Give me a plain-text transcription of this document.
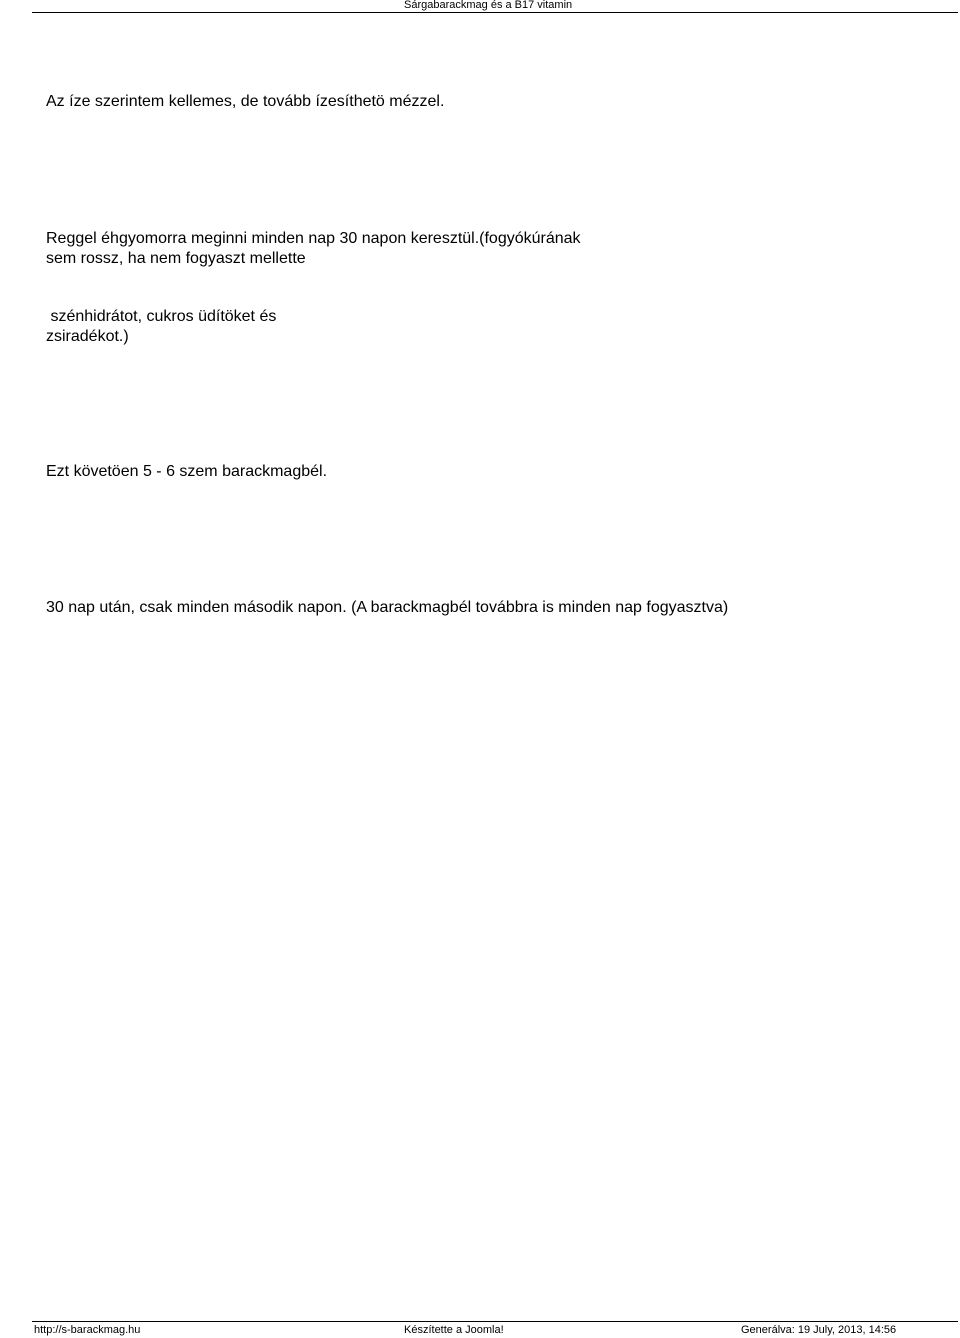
Sárgabarackmag és a B17 vitamin

Az íze szerintem kellemes, de tovább ízesíthetö mézzel.

Reggel éhgyomorra meginni minden nap 30 napon keresztül.(fogyókúrának
sem rossz, ha nem fogyaszt mellette

szénhidrátot, cukros üdítöket és
zsiradékot.)

Ezt követöen 5 - 6 szem barackmagbél.

30 nap után, csak minden második napon. (A barackmagbél továbbra is minden nap fogyasztva)

http://s-barackmag.hu	Készítette a Joomla!	Generálva: 19 July, 2013, 14:56
